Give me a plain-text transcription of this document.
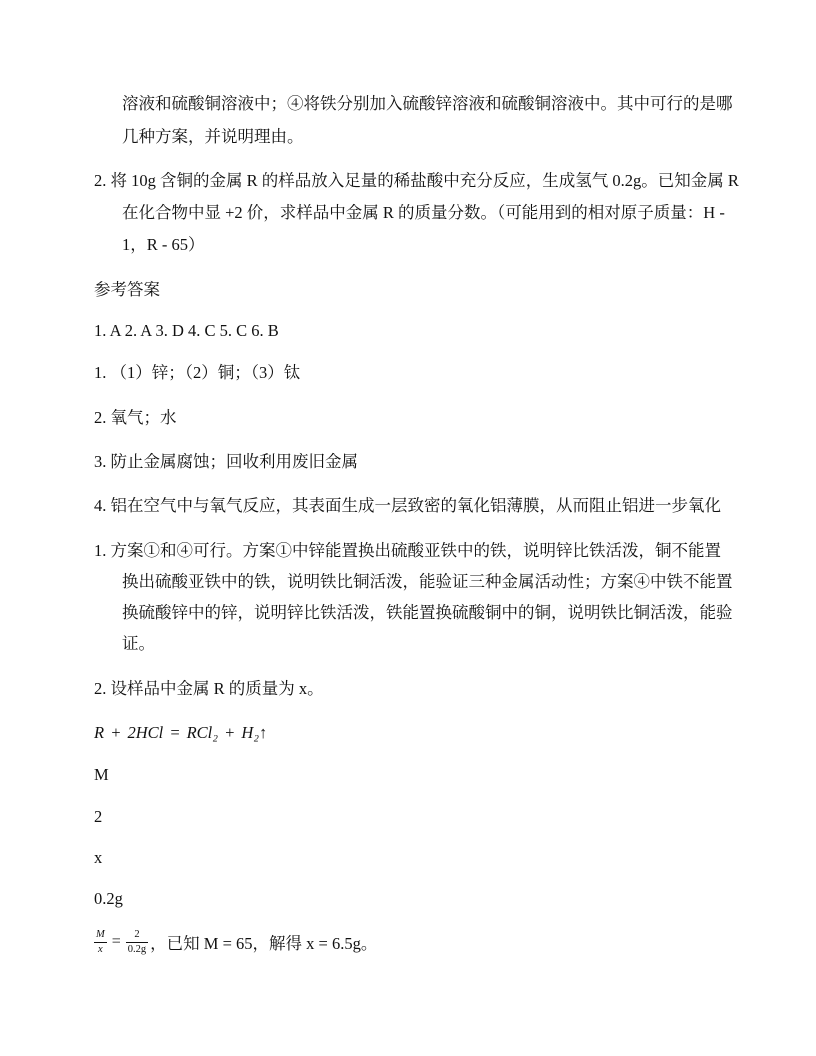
溶液和硫酸铜溶液中；④将铁分别加入硫酸锌溶液和硫酸铜溶液中。其中可行的是哪
几种方案，并说明理由。
2. 将 10g 含铜的金属 R 的样品放入足量的稀盐酸中充分反应，生成氢气 0.2g。已知金属 R
在化合物中显 +2 价，求样品中金属 R 的质量分数。（可能用到的相对原子质量：H -
1，R - 65）
参考答案
1. A 2. A 3. D 4. C 5. C 6. B
1. （1）锌；（2）铜；（3）钛
2. 氧气；水
3. 防止金属腐蚀；回收利用废旧金属
4. 铝在空气中与氧气反应，其表面生成一层致密的氧化铝薄膜，从而阻止铝进一步氧化
1. 方案①和④可行。方案①中锌能置换出硫酸亚铁中的铁，说明锌比铁活泼，铜不能置
换出硫酸亚铁中的铁，说明铁比铜活泼，能验证三种金属活动性；方案④中铁不能置
换硫酸锌中的锌，说明锌比铁活泼，铁能置换硫酸铜中的铜，说明铁比铜活泼，能验
证。
2. 设样品中金属 R 的质量为 x。
R + 2HCl = RCl₂ + H₂↑
M
2
x
0.2g
$\frac{M}{x} = \frac{2}{0.2g}$ ，已知 M = 65，解得 x = 6.5g。
